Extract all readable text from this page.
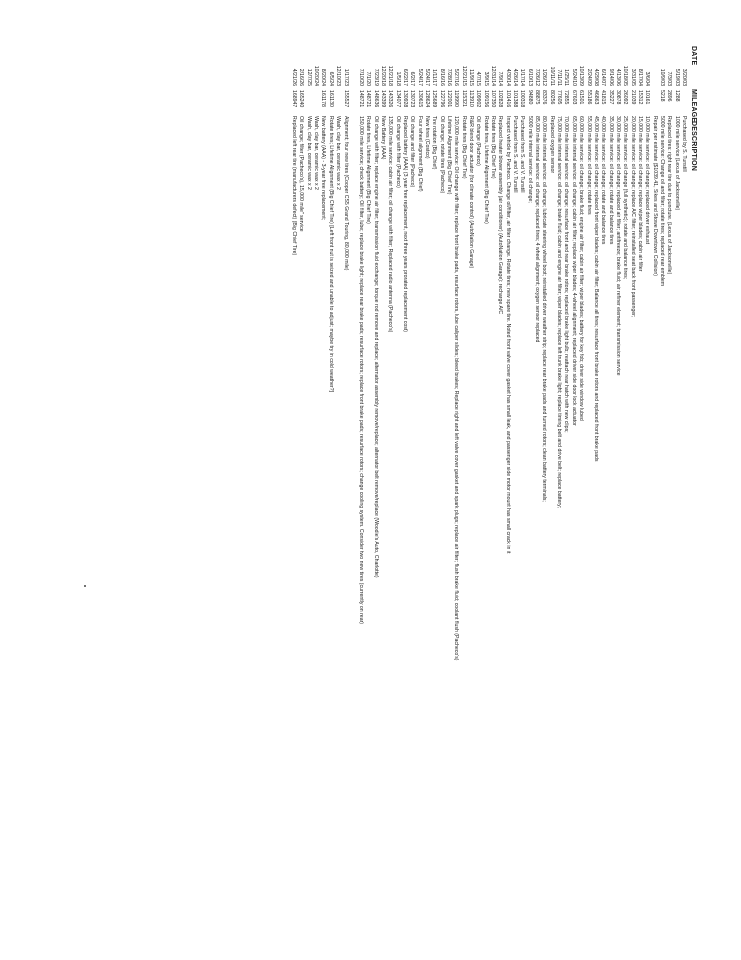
DATE
MILEAGE
DESCRIPTION
3/20/03
Purchased by S. Tunstill
5/19/03
1288
1000 mile service (Lexus of Jacksonville)
7/3/03
2896
Replaced tires: right rear tire due to puncture. (Lexus of Jacksonville)
10/9/03
5218
5000 mile service: Change oil and filter; rotate tires; replaced rear emblem
Repair per estimate ($1039.41, Sikes and Stowe Downtown Collision)
3/6/04
10161
10,000 mile service: oil change; replaced driver exhaust
8/17/04
15312
15,000 mile service: oil change; replace wiper blades; cabin air filter
3/31/05
21039
20,000 mile service: oil change; replace A/C filter; reinstalled seat back front passenger;
10/18/05
26092
25,000 mile service: oil change (full synthetic); rotate and balance tires;
4/13/06
30878
30,000 mile service: oil change; replaced air filter; antifreeze; brake fluid; air refiner element; transmission service
9/14/06
35227
35,000 mile service: oil change; rotate and balance tires
6/14/07
41815
40,000 mile service: oil change; rotate and balance tires
4/29/08
46863
45,000 mile service: oil change; replaced front wiper blades; cabin air filter; Balance all tires; resurface front brake rotors and replaced front brake pads
2/24/09
55186
55,000 mile service: oil change; rotate tires
10/13/09
61501
60,000 mile service: oil change; brake fluid; engine air filter; cabin air filter; wiper blades; battery for key fob; driver side window lubed
5/24/10
67603
65,000 mile internal service: oil change; cabin air filter; replace wiper blades; 4-wheel alignment; replaced driver side door lock actuator
1/25/11
72855
70,000 mile internal service: oil change; resurface front and rear brake rotors; replaced brake light bulb; reattach rear hatch with new clips;
7/11/11
77605
75,000 mile internal service: oil change; brake fluid; cabin and engine air filter; wiper blades; replace left trunk brake light; replace timing belt and drive belt; replace battery;
10/11/11
80256
Replaced oxygen sensor
1/26/12
83376
80,000 mile internal service: oil change; lubricate steering wheel boot; reinstalled driver weather strip; replace rear brake pads and turned rotors; clean battery terminals;
7/26/12
88875
85,000 mile internal service: oil change; replaced tires; 4 wheel alignment; oxygen sensor replaced
6/10/13
94880
5000 mile internal service: oil change;
1/17/14
100318
Purchased from S. and V. Tunstill
4/26/14
101388
Purchased from S. and V. Tunstill
4/30/14
101416
Inspect vehicle by Pacheco. Change oil/filter, air filter change. Rotate tires; new spare tire. Noted front valve cover gasket has small leak, and passenger side motor mount has small crack in it
7/9/14
102828
Replaced heater blower assembly (air conditioner) (AutoNation Garage): recharge A/C
12/31/14
107350
Rotate tires (Big Chief Tire)
3/9/15
109156
Rotate tires, Lifetime Alignment (Big Chief Tire)
4/7/15
109902
Oil change (Pacheco)
11/9/15
113910
R&R blend door actuator (for climate control) (AutoNation Garage)
12/21/15
115321
Rotate tires (Big Chief Tire)
5/27/16
119990
120,000 mile service: Oil change with filter; replace front brake pads, resurface rotors, lube caliper slides; bleed brakes; Replace right and left valve cover gasket and spark plugs; replace air filter; flush brake fluid; coolant flush (Pacheco's)
7/28/16
122001
Lifetime Alignment (Big Chief Tire)
8/16/16
122796
Oil change; rotate tires (Pacheco)
1/11/17
125689
Tire rotation (Big Chief)
5/24/17
128624
New tires (Costco)
5/24/17
130615
Four wheel alignment (Big Chief)
6/2/17
130723
Oil change and filter (Pacheco)
6/22/17
130928
Replaced battery (AAA) (3 year free replacement, next three years prorated replacement cost)
1/5/18
134077
Oil change with filter (Pacheco)
12/21/18
143326
135,000 mile service: cabin air filter; oil change with filter; Replaced radio antenna (Pacheco's)
12/20/18
143399
New Battery (AAA)
7/23/19
148636
Oil change with filter; replace engine air filter; transmission fluid exchange; torque rod remove and replace; alternator assembly remove/replace; alternator belt remove/replace (Woodie's Auto, Charlotte)
7/1/20
148721
Rotate tires, Lifetime Alignment (Big Chief Tire)
7/10/20
148721
150,000 mile service; check battery; Oil filter, lube; replace brake light; replace rear brake pads; resurface rotors; replace front brake pads; resurface rotors; change cooling system. Consider two new tires (currently on rear)
1/17/23
155527
Alignment; four new tires (Cooper CS5 Grand Touring, 80,000 mile)
12/10/23
Wash, clay bar, ceramic wax x 2
6/5/24
161130
Rotate tires; Lifetime Alignment (Big Chief Tire) [Left front nut is seized and unable to adjust; maybe try in cold weather?]
8/20/24
161178
New battery (AAA) - 3-year free replacement;
10/20/24
Wash, clay bar, ceramic wax x 2
12/7/25
Wash, clay bar, ceramic wax x 2
2/16/26
165240
Oil change; filter (Pacheco's), 15,000 mile" service
4/21/26
168947
Replaced left rear tire (manufacturers defect) (Big Chief Tire)
